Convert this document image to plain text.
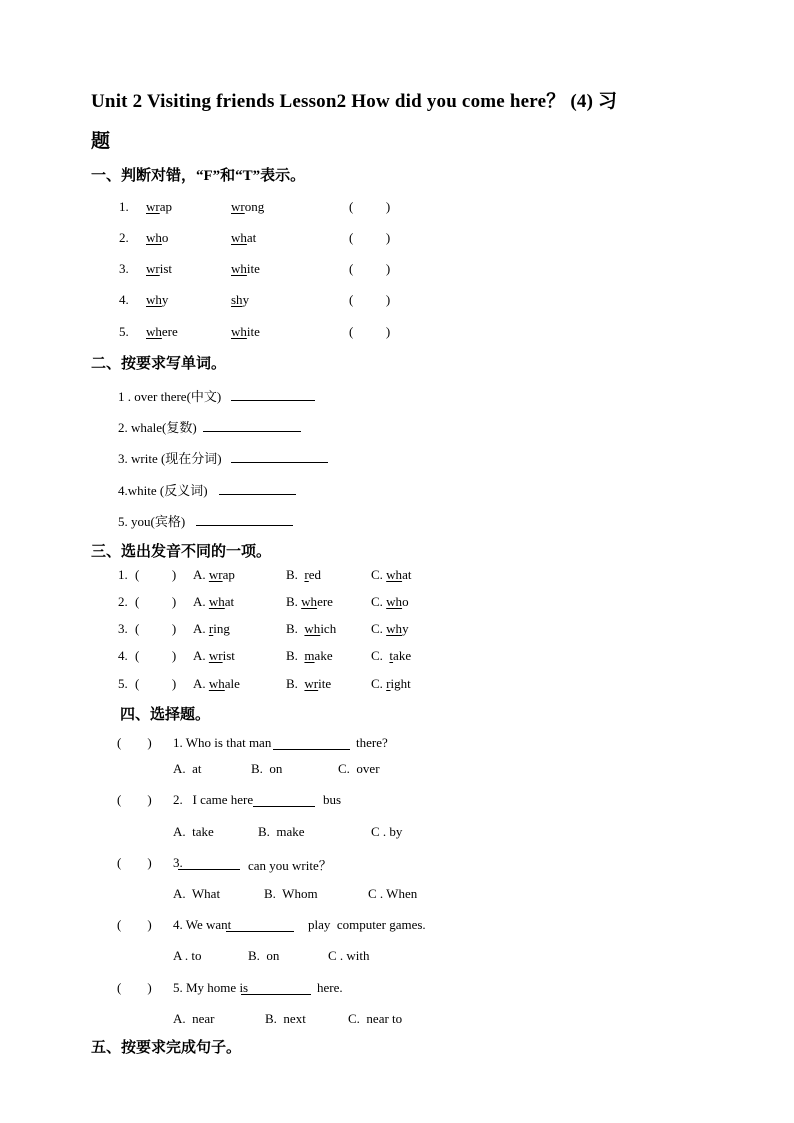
Unit 2 Visiting friends Lesson2 How did you come here？ (4) 习
题
一、判断对错，“F”和“T”表示。
1. wrap	wrong	(          )
2. who	what	(          )
3. wrist	white	(          )
4. why	shy	(          )
5. where	white	(          )
二、按要求写单词。
1 . over there(中文)
2. whale(复数)
3. write (现在分词)
4.white (反义词)
5. you(宾格)
三、选出发音不同的一项。
1. (          ) A. wrap	B.  red	C. what
2. (          ) A. what	B. where	C. who
3. (          ) A. ring	B.  which	C. why
4. (          ) A. wrist	B.  make	C.  take
5. (          ) A. whale	B.  write	C. right
四、选择题。
(        ) 1. Who is that man	there?
A.  at	B.  on	C.  over
(        ) 2.   I came here	bus
A.  take	B.  make	C . by
(        ) 3.	can you write？
A.  What	B.  Whom	C . When
(        ) 4. We want	play  computer games.
A . to	B.  on	C . with
(        ) 5. My home is	here.
A.  near	B.  next	C.  near to
五、按要求完成句子。
